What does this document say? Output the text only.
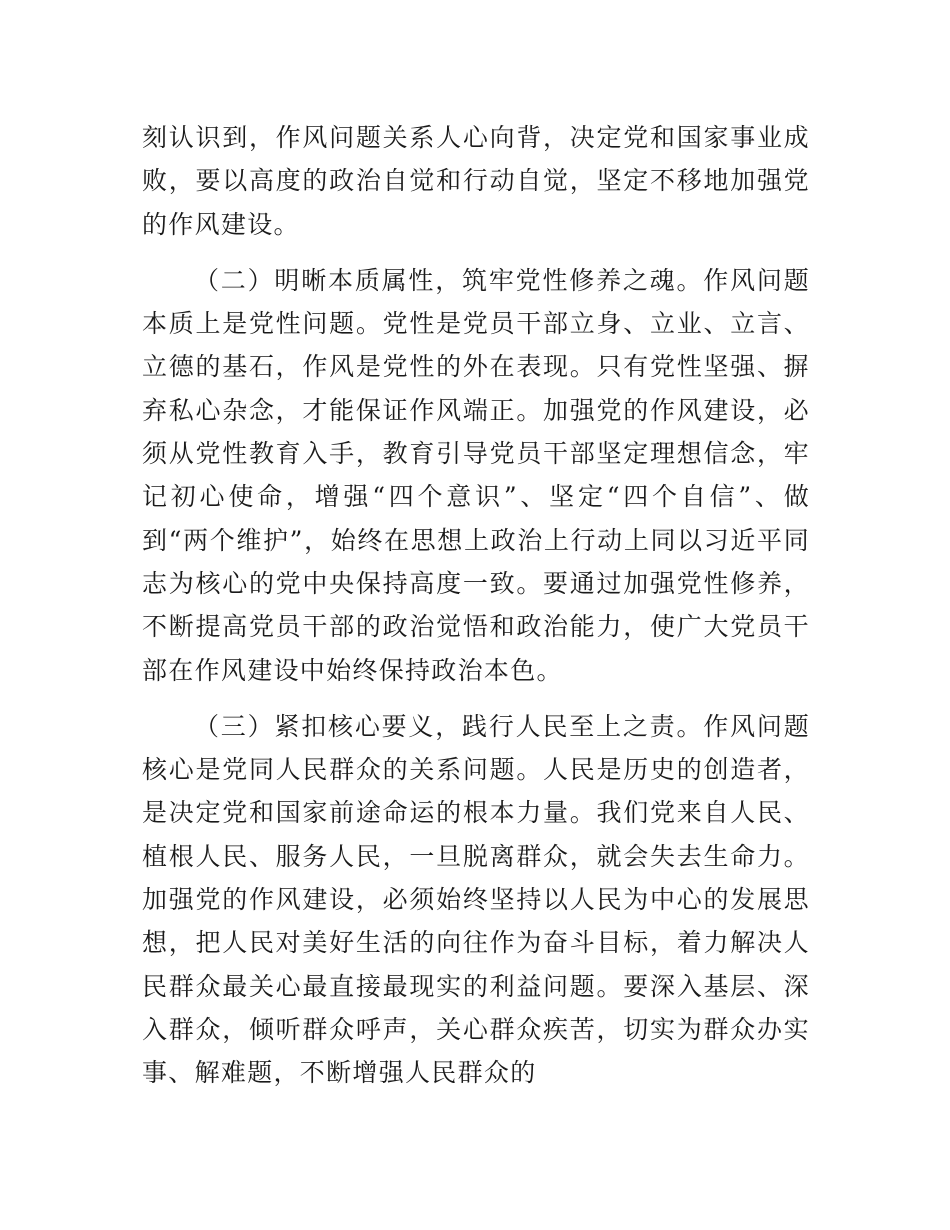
刻认识到，作风问题关系人心向背，决定党和国家事业成败，要以高度的政治自觉和行动自觉，坚定不移地加强党的作风建设。

（二）明晰本质属性，筑牢党性修养之魂。作风问题本质上是党性问题。党性是党员干部立身、立业、立言、立德的基石，作风是党性的外在表现。只有党性坚强、摒弃私心杂念，才能保证作风端正。加强党的作风建设，必须从党性教育入手，教育引导党员干部坚定理想信念，牢记初心使命，增强“四个意识”、坚定“四个自信”、做到“两个维护”，始终在思想上政治上行动上同以习近平同志为核心的党中央保持高度一致。要通过加强党性修养，不断提高党员干部的政治觉悟和政治能力，使广大党员干部在作风建设中始终保持政治本色。

（三）紧扣核心要义，践行人民至上之责。作风问题核心是党同人民群众的关系问题。人民是历史的创造者，是决定党和国家前途命运的根本力量。我们党来自人民、植根人民、服务人民，一旦脱离群众，就会失去生命力。加强党的作风建设，必须始终坚持以人民为中心的发展思想，把人民对美好生活的向往作为奋斗目标，着力解决人民群众最关心最直接最现实的利益问题。要深入基层、深入群众，倾听群众呼声，关心群众疾苦，切实为群众办实事、解难题，不断增强人民群众的
